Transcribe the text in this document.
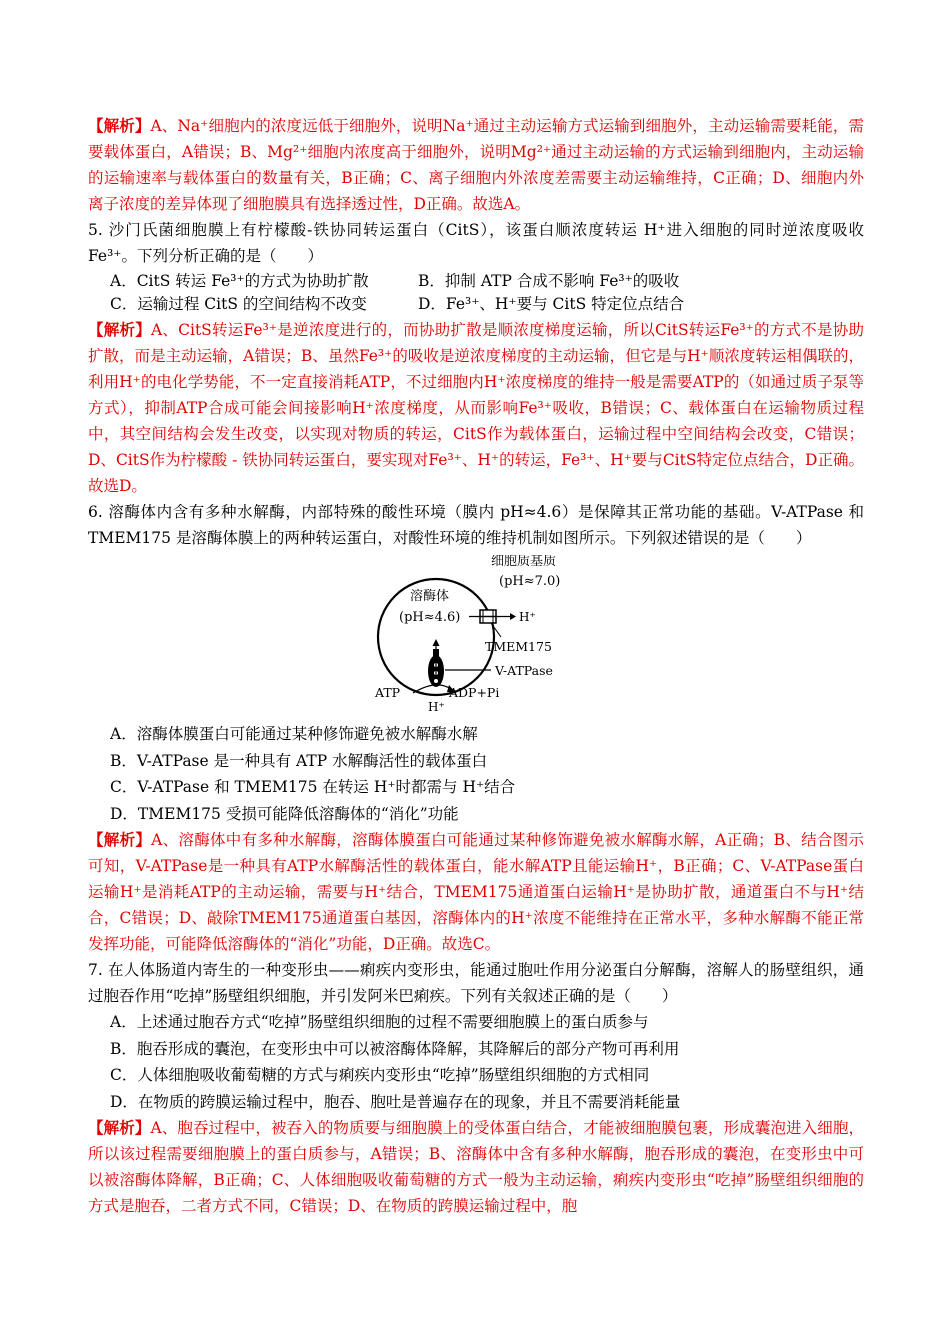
【解析】A、Na⁺细胞内的浓度远低于细胞外，说明Na⁺通过主动运输方式运输到细胞外，主动运输需要耗能，需要载体蛋白，A错误；B、Mg²⁺细胞内浓度高于细胞外，说明Mg²⁺通过主动运输的方式运输到细胞内，主动运输的运输速率与载体蛋白的数量有关，B正确；C、离子细胞内外浓度差需要主动运输维持，C正确；D、细胞内外离子浓度的差异体现了细胞膜具有选择透过性，D正确。故选A。

5. 沙门氏菌细胞膜上有柠檬酸-铁协同转运蛋白（CitS），该蛋白顺浓度转运 H⁺进入细胞的同时逆浓度吸收 Fe³⁺。下列分析正确的是（　　）

A．CitS 转运 Fe³⁺的方式为协助扩散	B．抑制 ATP 合成不影响 Fe³⁺的吸收
C．运输过程 CitS 的空间结构不改变	D．Fe³⁺、H⁺要与 CitS 特定位点结合

【解析】A、CitS转运Fe³⁺是逆浓度进行的，而协助扩散是顺浓度梯度运输，所以CitS转运Fe³⁺的方式不是协助扩散，而是主动运输，A错误；B、虽然Fe³⁺的吸收是逆浓度梯度的主动运输，但它是与H⁺顺浓度转运相偶联的，利用H⁺的电化学势能，不一定直接消耗ATP，不过细胞内H⁺浓度梯度的维持一般是需要ATP的（如通过质子泵等方式），抑制ATP合成可能会间接影响H⁺浓度梯度，从而影响Fe³⁺吸收，B错误；C、载体蛋白在运输物质过程中，其空间结构会发生改变，以实现对物质的转运，CitS作为载体蛋白，运输过程中空间结构会改变，C错误；D、CitS作为柠檬酸 - 铁协同转运蛋白，要实现对Fe³⁺、H⁺的转运，Fe³⁺、H⁺要与CitS特定位点结合，D正确。故选D。

6. 溶酶体内含有多种水解酶，内部特殊的酸性环境（膜内 pH≈4.6）是保障其正常功能的基础。V-ATPase 和 TMEM175 是溶酶体膜上的两种转运蛋白，对酸性环境的维持机制如图所示。下列叙述错误的是（　　）

溶酶体
(pH≈4.6)
细胞质基质
(pH≈7.0)
H⁺
TMEM175
V-ATPase
ATP	ADP+Pi
H⁺

A．溶酶体膜蛋白可能通过某种修饰避免被水解酶水解

B．V-ATPase 是一种具有 ATP 水解酶活性的载体蛋白

C．V-ATPase 和 TMEM175 在转运 H⁺时都需与 H⁺结合

D．TMEM175 受损可能降低溶酶体的“消化”功能

【解析】A、溶酶体中有多种水解酶，溶酶体膜蛋白可能通过某种修饰避免被水解酶水解，A正确；B、结合图示可知，V-ATPase是一种具有ATP水解酶活性的载体蛋白，能水解ATP且能运输H⁺，B正确；C、V-ATPase蛋白运输H⁺是消耗ATP的主动运输，需要与H⁺结合，TMEM175通道蛋白运输H⁺是协助扩散，通道蛋白不与H⁺结合，C错误；D、敲除TMEM175通道蛋白基因，溶酶体内的H⁺浓度不能维持在正常水平，多种水解酶不能正常发挥功能，可能降低溶酶体的“消化”功能，D正确。故选C。

7. 在人体肠道内寄生的一种变形虫——痢疾内变形虫，能通过胞吐作用分泌蛋白分解酶，溶解人的肠壁组织，通过胞吞作用“吃掉”肠壁组织细胞，并引发阿米巴痢疾。下列有关叙述正确的是（　　）

A．上述通过胞吞方式“吃掉”肠壁组织细胞的过程不需要细胞膜上的蛋白质参与

B．胞吞形成的囊泡，在变形虫中可以被溶酶体降解，其降解后的部分产物可再利用

C．人体细胞吸收葡萄糖的方式与痢疾内变形虫“吃掉”肠壁组织细胞的方式相同

D．在物质的跨膜运输过程中，胞吞、胞吐是普遍存在的现象，并且不需要消耗能量

【解析】A、胞吞过程中，被吞入的物质要与细胞膜上的受体蛋白结合，才能被细胞膜包裹，形成囊泡进入细胞，所以该过程需要细胞膜上的蛋白质参与，A错误；B、溶酶体中含有多种水解酶，胞吞形成的囊泡，在变形虫中可以被溶酶体降解，B正确；C、人体细胞吸收葡萄糖的方式一般为主动运输，痢疾内变形虫“吃掉”肠壁组织细胞的方式是胞吞，二者方式不同，C错误；D、在物质的跨膜运输过程中，胞
